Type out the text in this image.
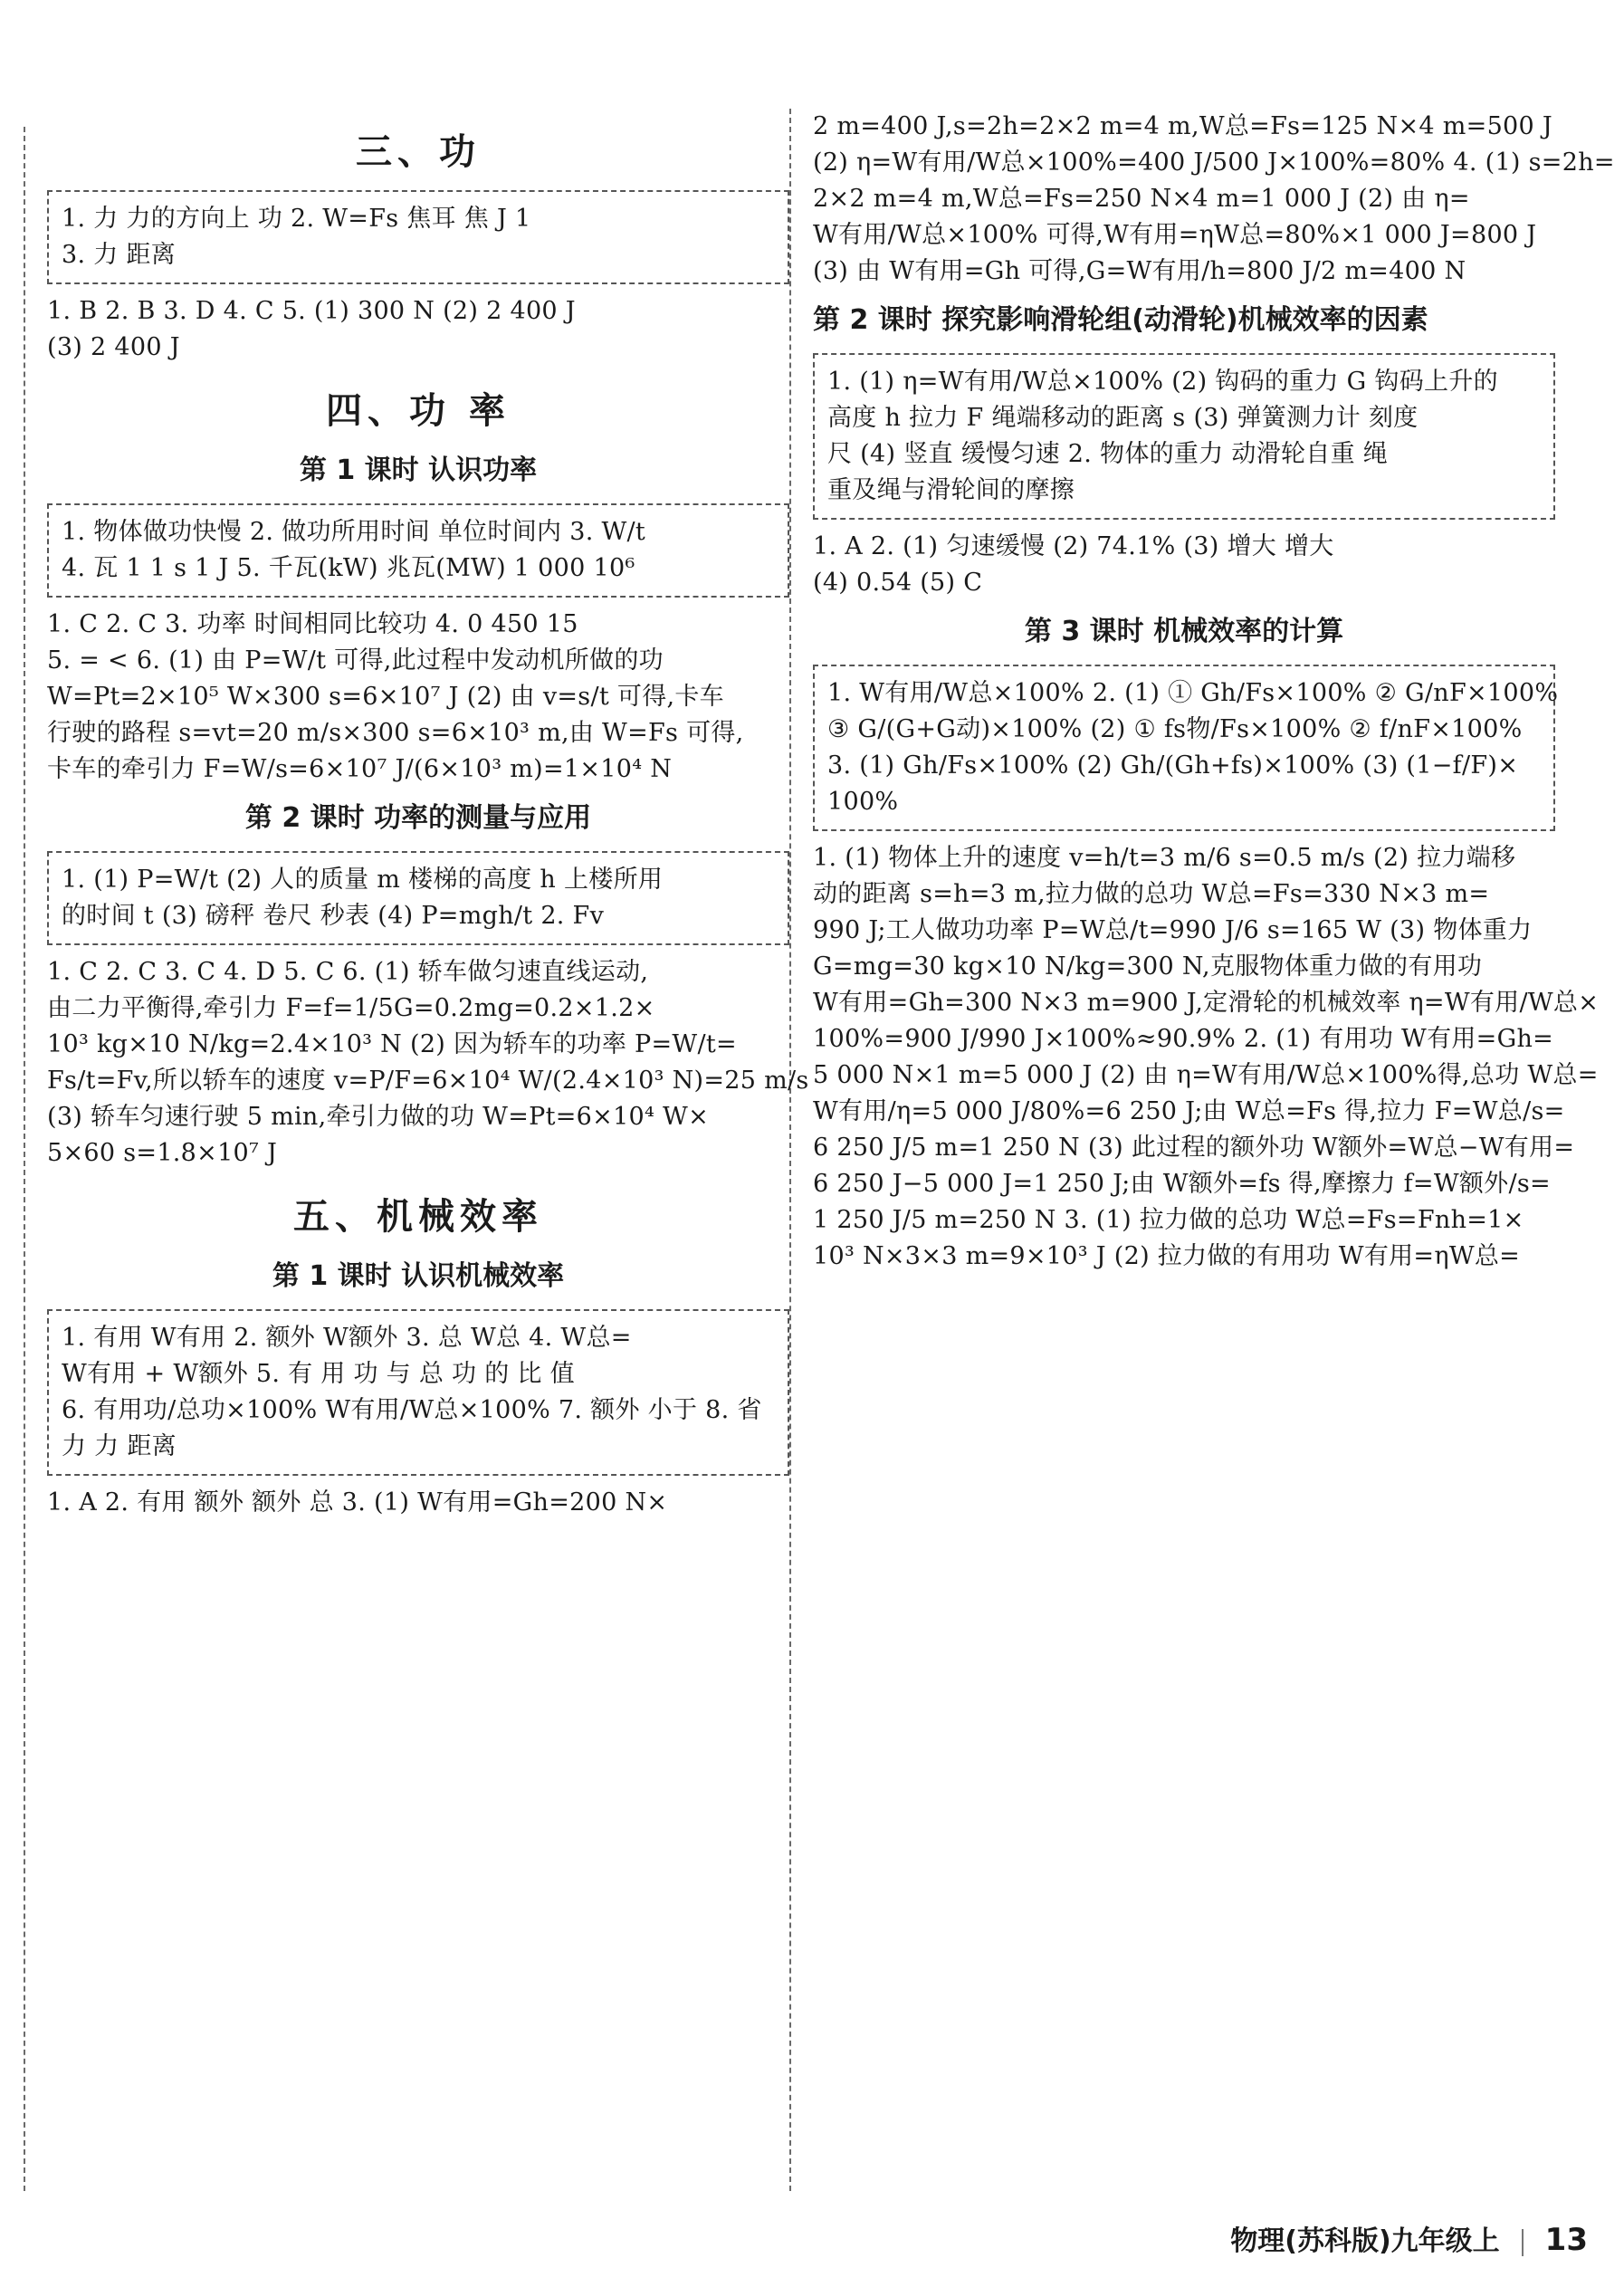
三、功
1. 力 力的方向上 功 2. W=Fs 焦耳 焦 J 1
3. 力 距离
1. B 2. B 3. D 4. C 5. (1) 300 N (2) 2 400 J
(3) 2 400 J
四、功 率
第 1 课时 认识功率
1. 物体做功快慢 2. 做功所用时间 单位时间内 3. W/t
4. 瓦 1 1 s 1 J 5. 千瓦(kW) 兆瓦(MW) 1 000 10⁶
1. C 2. C 3. 功率 时间相同比较功 4. 0 450 15
5. = < 6. (1) 由 P=W/t 可得,此过程中发动机所做的功
W=Pt=2×10⁵ W×300 s=6×10⁷ J (2) 由 v=s/t 可得,卡车
行驶的路程 s=vt=20 m/s×300 s=6×10³ m,由 W=Fs 可得,
卡车的牵引力 F=W/s=6×10⁷ J/(6×10³ m)=1×10⁴ N
第 2 课时 功率的测量与应用
1. (1) P=W/t (2) 人的质量 m 楼梯的高度 h 上楼所用
的时间 t (3) 磅秤 卷尺 秒表 (4) P=mgh/t 2. Fv
1. C 2. C 3. C 4. D 5. C 6. (1) 轿车做匀速直线运动,
由二力平衡得,牵引力 F=f=1/5G=0.2mg=0.2×1.2×
10³ kg×10 N/kg=2.4×10³ N (2) 因为轿车的功率 P=W/t=
Fs/t=Fv,所以轿车的速度 v=P/F=6×10⁴ W/(2.4×10³ N)=25 m/s
(3) 轿车匀速行驶 5 min,牵引力做的功 W=Pt=6×10⁴ W×
5×60 s=1.8×10⁷ J
五、机械效率
第 1 课时 认识机械效率
1. 有用 W有用 2. 额外 W额外 3. 总 W总 4. W总=
W有用 + W额外 5. 有 用 功 与 总 功 的 比 值
6. 有用功/总功×100% W有用/W总×100% 7. 额外 小于 8. 省
力 力 距离
1. A 2. 有用 额外 额外 总 3. (1) W有用=Gh=200 N×
2 m=400 J,s=2h=2×2 m=4 m,W总=Fs=125 N×4 m=500 J
(2) η=W有用/W总×100%=400 J/500 J×100%=80% 4. (1) s=2h=
2×2 m=4 m,W总=Fs=250 N×4 m=1 000 J (2) 由 η=
W有用/W总×100% 可得,W有用=ηW总=80%×1 000 J=800 J
(3) 由 W有用=Gh 可得,G=W有用/h=800 J/2 m=400 N
第 2 课时 探究影响滑轮组(动滑轮)机械效率的因素
1. (1) η=W有用/W总×100% (2) 钩码的重力 G 钩码上升的
高度 h 拉力 F 绳端移动的距离 s (3) 弹簧测力计 刻度
尺 (4) 竖直 缓慢匀速 2. 物体的重力 动滑轮自重 绳
重及绳与滑轮间的摩擦
1. A 2. (1) 匀速缓慢 (2) 74.1% (3) 增大 增大
(4) 0.54 (5) C
第 3 课时 机械效率的计算
1. W有用/W总×100% 2. (1) ① Gh/Fs×100% ② G/nF×100%
③ G/(G+G动)×100% (2) ① fs物/Fs×100% ② f/nF×100%
3. (1) Gh/Fs×100% (2) Gh/(Gh+fs)×100% (3) (1−f/F)×
100%
1. (1) 物体上升的速度 v=h/t=3 m/6 s=0.5 m/s (2) 拉力端移
动的距离 s=h=3 m,拉力做的总功 W总=Fs=330 N×3 m=
990 J;工人做功功率 P=W总/t=990 J/6 s=165 W (3) 物体重力
G=mg=30 kg×10 N/kg=300 N,克服物体重力做的有用功
W有用=Gh=300 N×3 m=900 J,定滑轮的机械效率 η=W有用/W总×
100%=900 J/990 J×100%≈90.9% 2. (1) 有用功 W有用=Gh=
5 000 N×1 m=5 000 J (2) 由 η=W有用/W总×100%得,总功 W总=
W有用/η=5 000 J/80%=6 250 J;由 W总=Fs 得,拉力 F=W总/s=
6 250 J/5 m=1 250 N (3) 此过程的额外功 W额外=W总−W有用=
6 250 J−5 000 J=1 250 J;由 W额外=fs 得,摩擦力 f=W额外/s=
1 250 J/5 m=250 N 3. (1) 拉力做的总功 W总=Fs=Fnh=1×
10³ N×3×3 m=9×10³ J (2) 拉力做的有用功 W有用=ηW总=
物理(苏科版)九年级上 13
